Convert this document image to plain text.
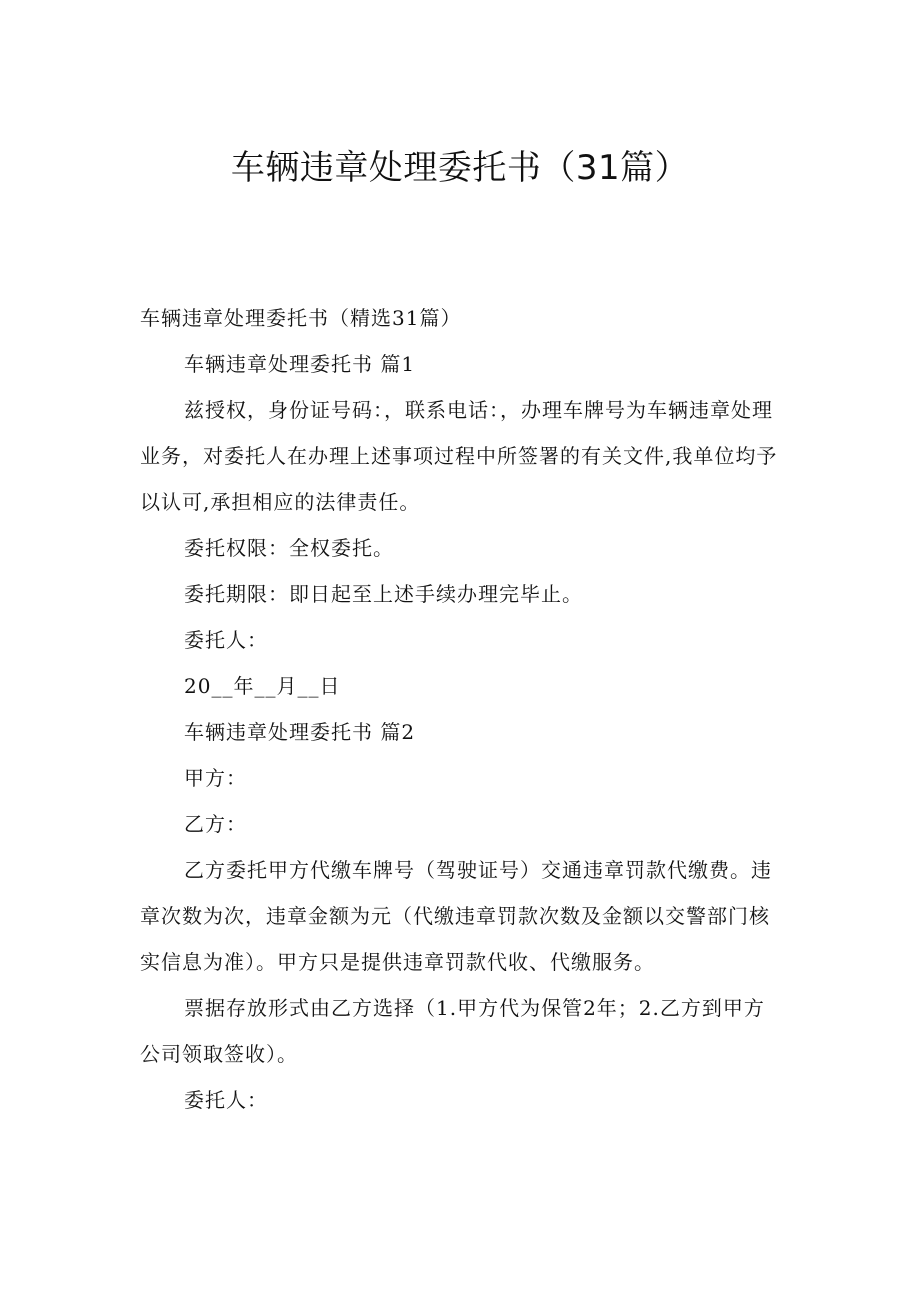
车辆违章处理委托书（31篇）

车辆违章处理委托书（精选31篇）

车辆违章处理委托书 篇1

兹授权，身份证号码：，联系电话：，办理车牌号为车辆违章处理业务，对委托人在办理上述事项过程中所签署的有关文件,我单位均予以认可,承担相应的法律责任。

委托权限：全权委托。

委托期限：即日起至上述手续办理完毕止。

委托人：

20__年__月__日

车辆违章处理委托书 篇2

甲方：

乙方：

乙方委托甲方代缴车牌号（驾驶证号）交通违章罚款代缴费。违章次数为次，违章金额为元（代缴违章罚款次数及金额以交警部门核实信息为准）。甲方只是提供违章罚款代收、代缴服务。

票据存放形式由乙方选择（1.甲方代为保管2年；2.乙方到甲方公司领取签收）。

委托人：
